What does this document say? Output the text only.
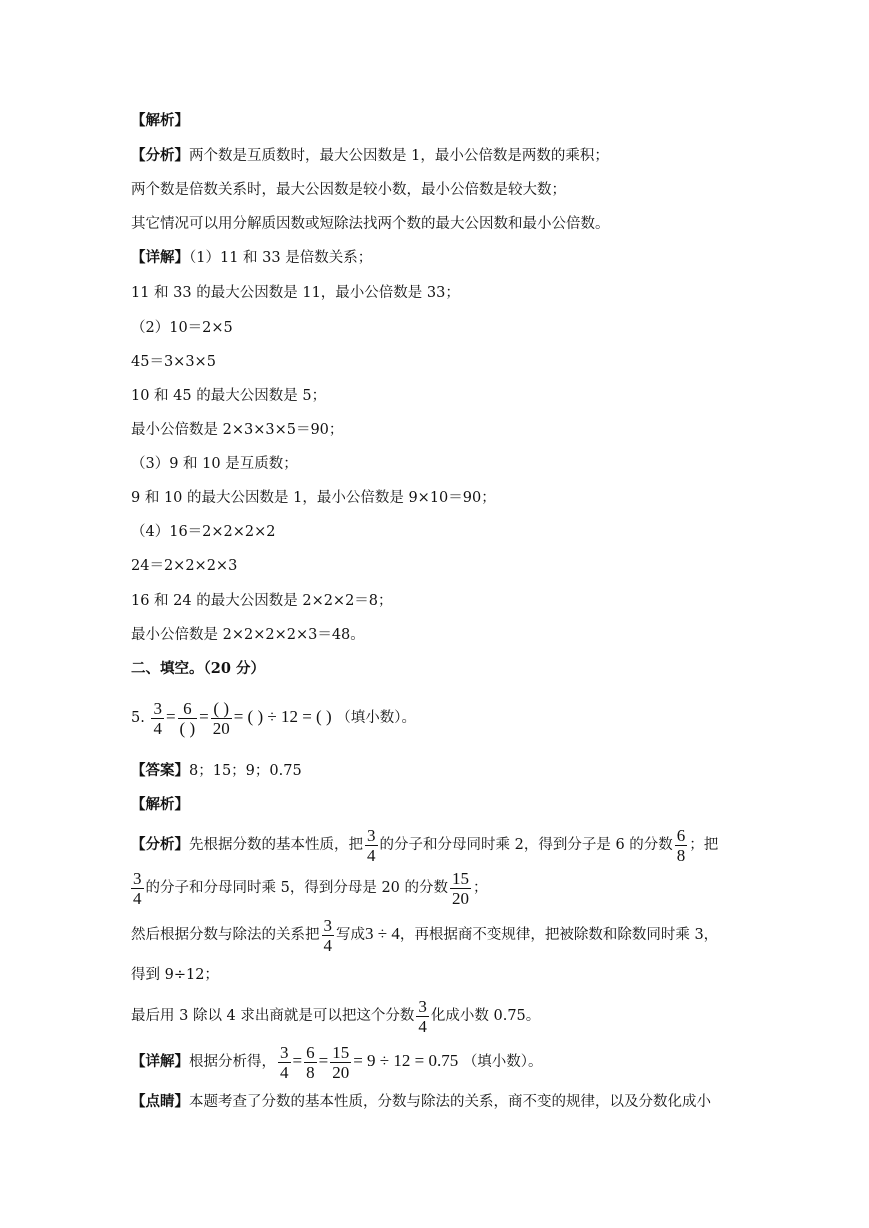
【解析】
【分析】两个数是互质数时，最大公因数是 1，最小公倍数是两数的乘积；
两个数是倍数关系时，最大公因数是较小数，最小公倍数是较大数；
其它情况可以用分解质因数或短除法找两个数的最大公因数和最小公倍数。
【详解】（1）11 和 33 是倍数关系；
11 和 33 的最大公因数是 11，最小公倍数是 33；
（2）10＝2×5
45＝3×3×5
10 和 45 的最大公因数是 5；
最小公倍数是 2×3×3×5＝90；
（3）9 和 10 是互质数；
9 和 10 的最大公因数是 1，最小公倍数是 9×10＝90；
（4）16＝2×2×2×2
24＝2×2×2×3
16 和 24 的最大公因数是 2×2×2＝8；
最小公倍数是 2×2×2×2×3＝48。
二、填空。（20 分）
5. $\frac{3}{4} = \frac{6}{( )} = \frac{( )}{20}$ = ( ) ÷ 12 = ( ) （填小数）。
【答案】8；15；9；0.75
【解析】
【分析】先根据分数的基本性质，把 $\frac{3}{4}$ 的分子和分母同时乘 2，得到分子是 6 的分数 $\frac{6}{8}$ ；把
$\frac{3}{4}$ 的分子和分母同时乘 5，得到分母是 20 的分数 $\frac{15}{20}$ ；
然后根据分数与除法的关系把 $\frac{3}{4}$ 写成3 ÷ 4，再根据商不变规律，把被除数和除数同时乘 3，
得到 9÷12；
最后用 3 除以 4 求出商就是可以把这个分数 $\frac{3}{4}$ 化成小数 0.75。
【详解】根据分析得， $\frac{3}{4} = \frac{6}{8} = \frac{15}{20} = 9 \div 12 = 0.75$ （填小数）。
【点睛】本题考查了分数的基本性质，分数与除法的关系，商不变的规律，以及分数化成小
